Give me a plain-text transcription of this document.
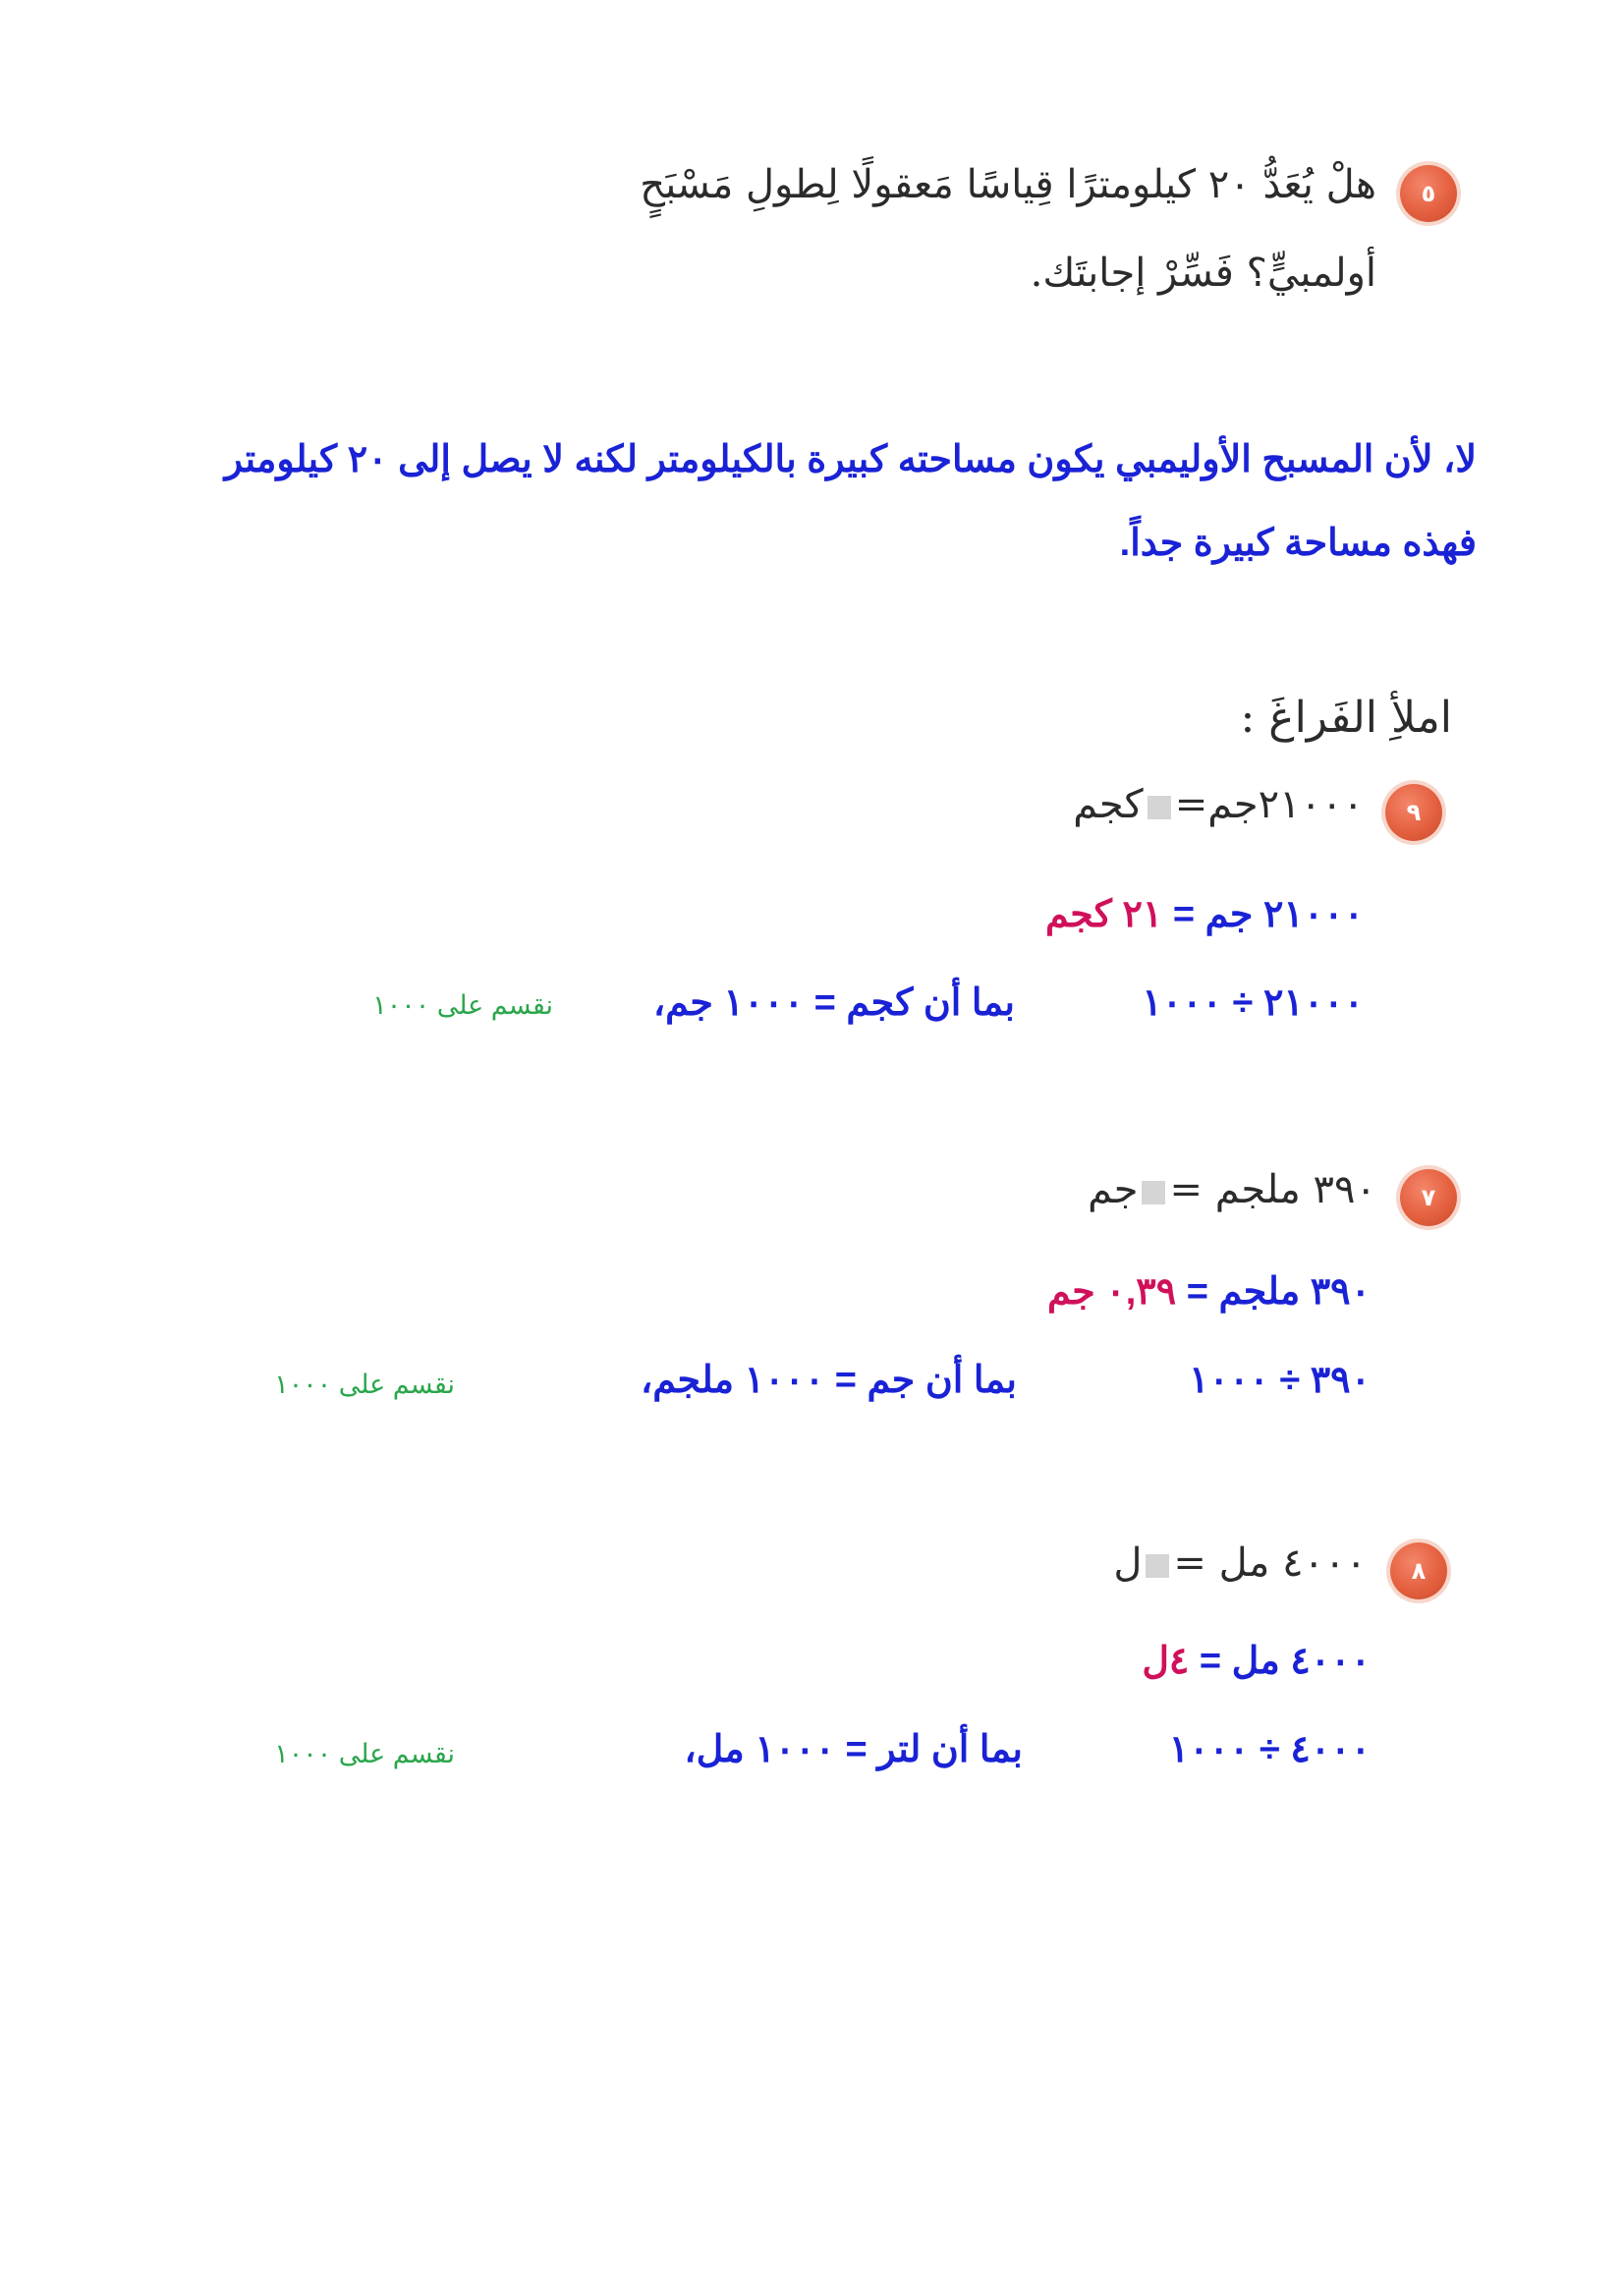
٥
هلْ يُعَدُّ ٢٠ كيلومترًا قِياسًا مَعقولًا لِطولِ مَسْبَحٍ
أولمبيٍّ؟ فَسِّرْ إجابتَك.
لا، لأن المسبح الأوليمبي يكون مساحته كبيرة بالكيلومتر لكنه لا يصل إلى ٢٠ كيلومتر
فهذه مساحة كبيرة جداً.
املأِ الفَراغَ :
٩
٢١٠٠٠جم=كجم
٢١٠٠٠ جم = ٢١ كجم
٢١٠٠٠ ÷ ١٠٠٠
بما أن كجم = ١٠٠٠ جم،
نقسم على ١٠٠٠
٧
٣٩٠ ملجم =جم
٣٩٠ ملجم = ٠,٣٩ جم
٣٩٠ ÷ ١٠٠٠
بما أن جم = ١٠٠٠ ملجم،
نقسم على ١٠٠٠
٨
٤٠٠٠ مل =ل
٤٠٠٠ مل = ٤ل
٤٠٠٠ ÷ ١٠٠٠
بما أن لتر = ١٠٠٠ مل،
نقسم على ١٠٠٠
